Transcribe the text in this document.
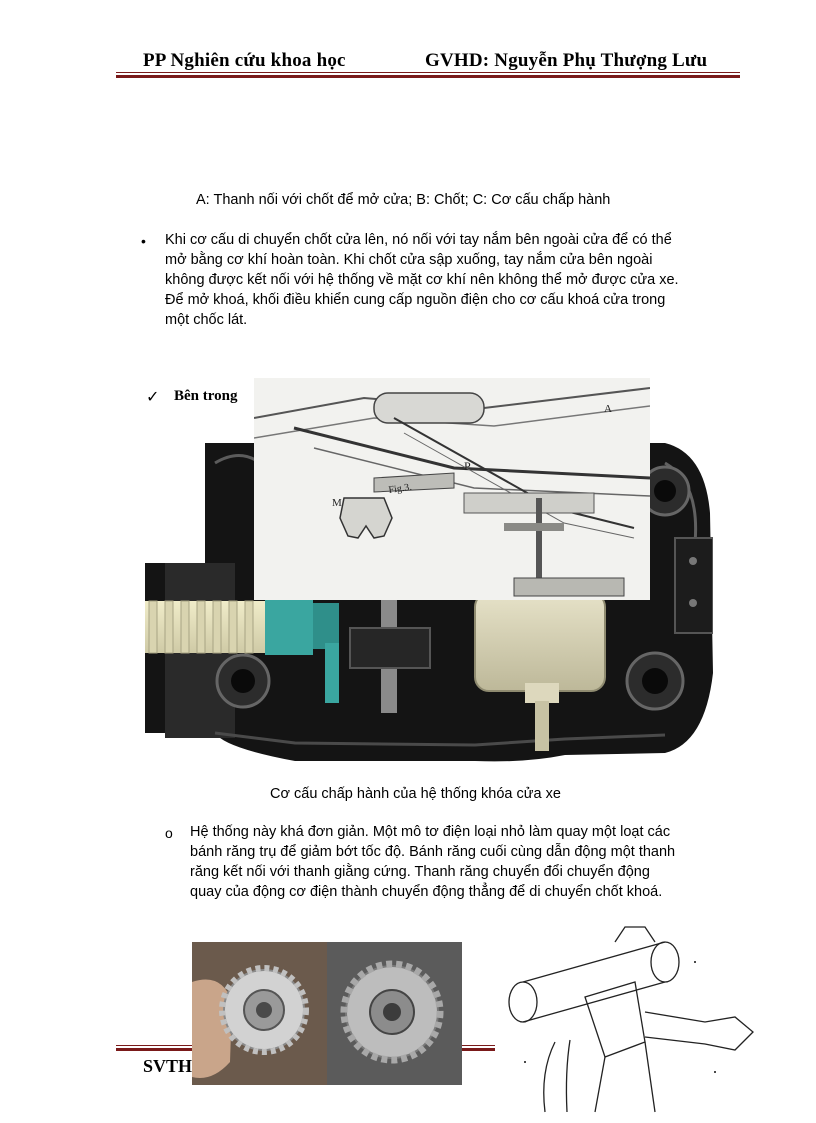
PP Nghiên cứu khoa học	GVHD: Nguyễn Phụ Thượng Lưu
A: Thanh nối với chốt để mở cửa; B: Chốt; C: Cơ cấu chấp hành
• Khi cơ cấu di chuyển chốt cửa lên, nó nối với tay nắm bên ngoài cửa để có thể
mở bằng cơ khí hoàn toàn. Khi chốt cửa sập xuống, tay nắm cửa bên ngoài
không được kết nối với hệ thống về mặt cơ khí nên không thể mở được cửa xe.
Để mở khoá, khối điều khiển cung cấp nguồn điện cho cơ cấu khoá cửa trong
một chốc lát.
✓ Bên trong
P
Fig.3.
M
A
Cơ cấu chấp hành của hệ thống khóa cửa xe
o Hệ thống này khá đơn giản. Một mô tơ điện loại nhỏ làm quay một loạt các
bánh răng trụ để giảm bớt tốc độ. Bánh răng cuối cùng dẫn động một thanh
răng kết nối với thanh giằng cứng. Thanh răng chuyển đổi chuyển động
quay của động cơ điện thành chuyển động thẳng để di chuyển chốt khoá.
SVTH
